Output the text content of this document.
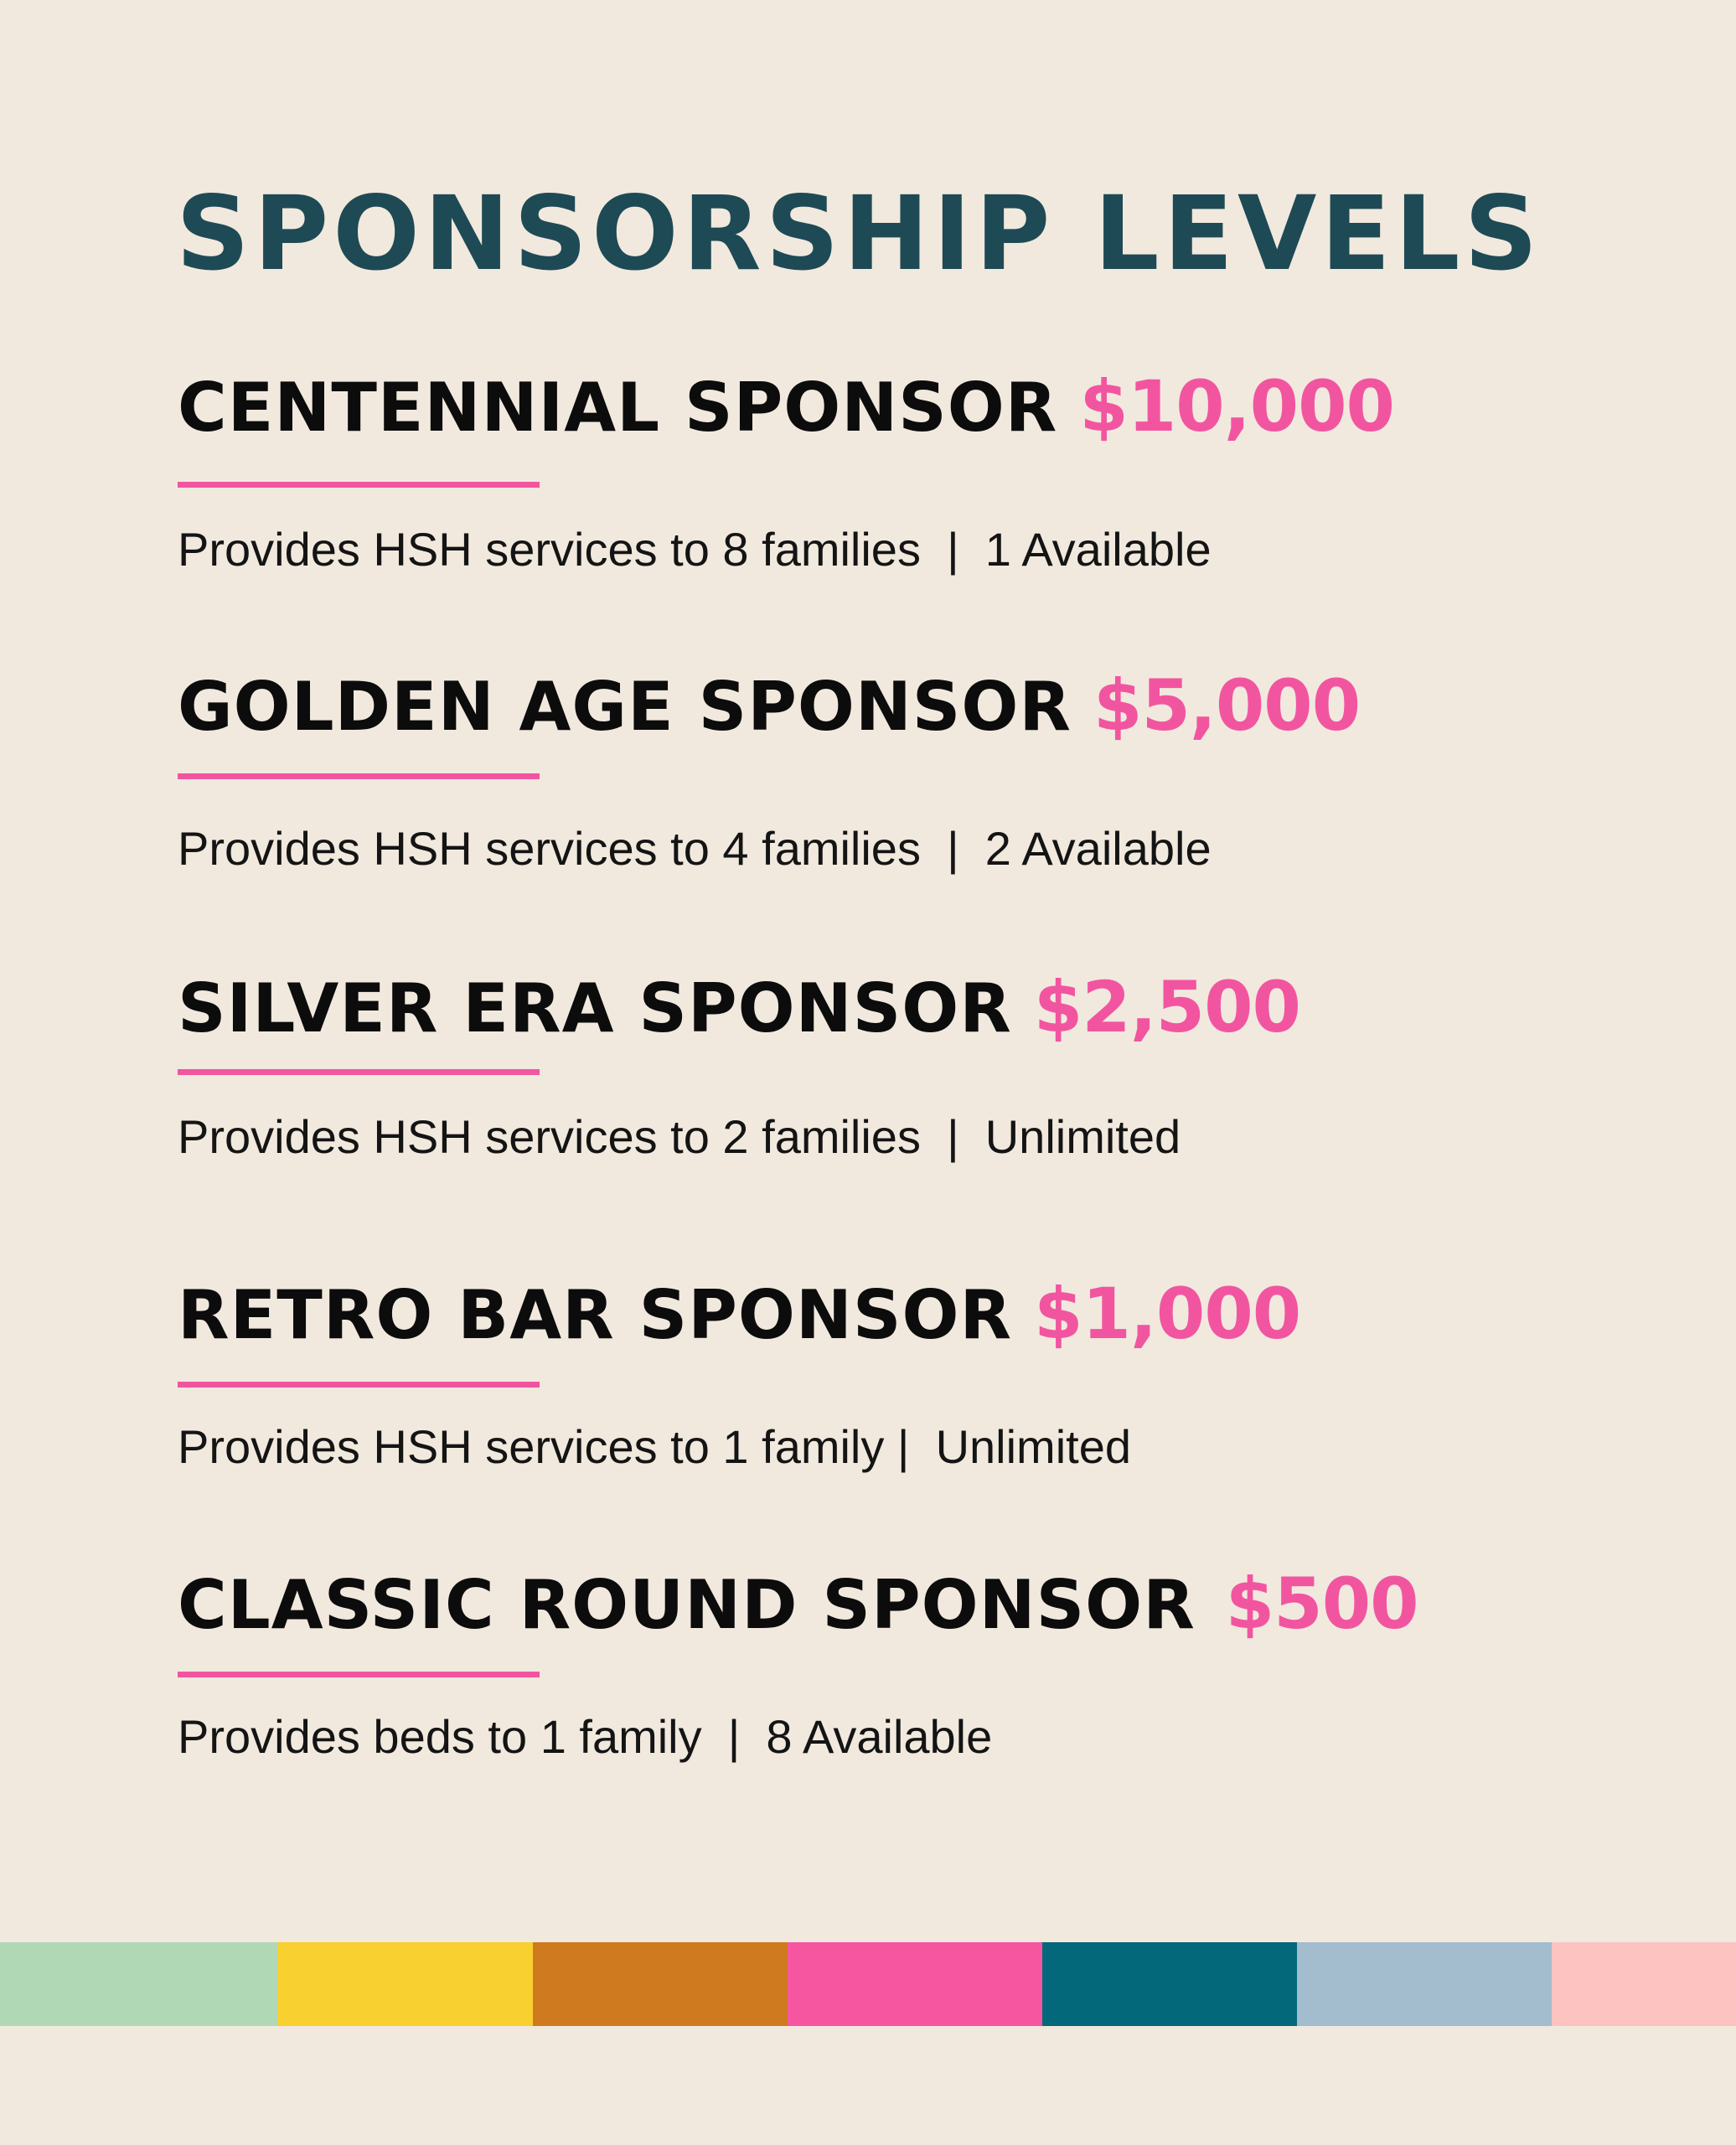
SPONSORSHIP LEVELS
CENTENNIAL SPONSOR $10,000

Provides HSH services to 8 families  |  1 Available

GOLDEN AGE SPONSOR $5,000

Provides HSH services to 4 families  |  2 Available

SILVER ERA SPONSOR $2,500

Provides HSH services to 2 families  |  Unlimited

RETRO BAR SPONSOR $1,000

Provides HSH services to 1 family |  Unlimited

CLASSIC ROUND SPONSOR $500

Provides beds to 1 family  |  8 Available
